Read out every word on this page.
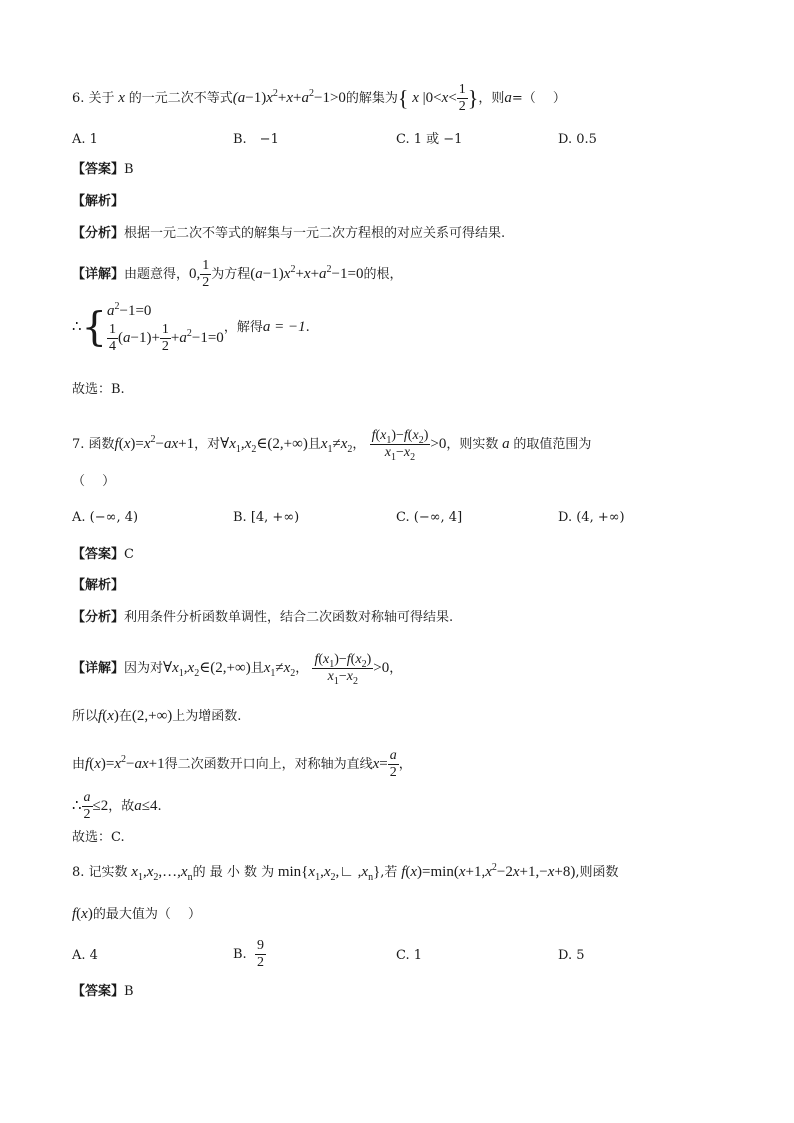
6. 关于 x 的一元二次不等式$(a-1)x^2+x+a^2-1>0$的解集为{ x $|0<x< \frac{1}{2}$ }，则a=（　 ）
A. 1	B.　−1	C. 1 或 −1	D. 0.5
【答案】B
【解析】
【分析】根据一元二次不等式的解集与一元二次方程根的对应关系可得结果.
【详解】由题意得，0, $\frac{1}{2}$ 为方程$(a-1)x^2+x+a^2-1=0$的根，
∴{ $a^2-1=0$
$\frac{1}{4} (a-1)+ \frac{1}{2} +a^2-1=0$
，解得a = −1.
故选：B.
7. 函数$f(x)=x^2-ax+1$，对$\forall x_1,x_2\in(2,+\infty)$且$x_1\ne x_2$， $\frac{f(x_1)-f(x_2)}{x_1-x_2} >0$，则实数 a 的取值范围为
（　 ）
A. (−∞, 4)	B. [4, +∞)	C. (−∞, 4]	D. (4, +∞)
【答案】C
【解析】
【分析】利用条件分析函数单调性，结合二次函数对称轴可得结果.
【详解】因为对$\forall x_1,x_2\in(2,+\infty)$且$x_1\ne x_2$， $\frac{f(x_1)-f(x_2)}{x_1-x_2} >0$，
所以f(x)在(2,+∞)上为增函数.
由$f(x)=x^2-ax+1$得二次函数开口向上，对称轴为直线$x= \frac{a}{2}$ ，
∴ $\frac{a}{2} \le 2$，故a≤4.
故选：C.
8. 记实数 $x_1,x_2,\dots,x_n$的 最 小 数 为 $\min\{x_1,x_2,∟$ $,x_n$},若 $f(x)=\min(x+1,x^2-2x+1,-x+8)$,则函数
f(x)的最大值为（　 ）
A. 4	B. $\frac{9}{2}$	C. 1	D. 5
【答案】B
